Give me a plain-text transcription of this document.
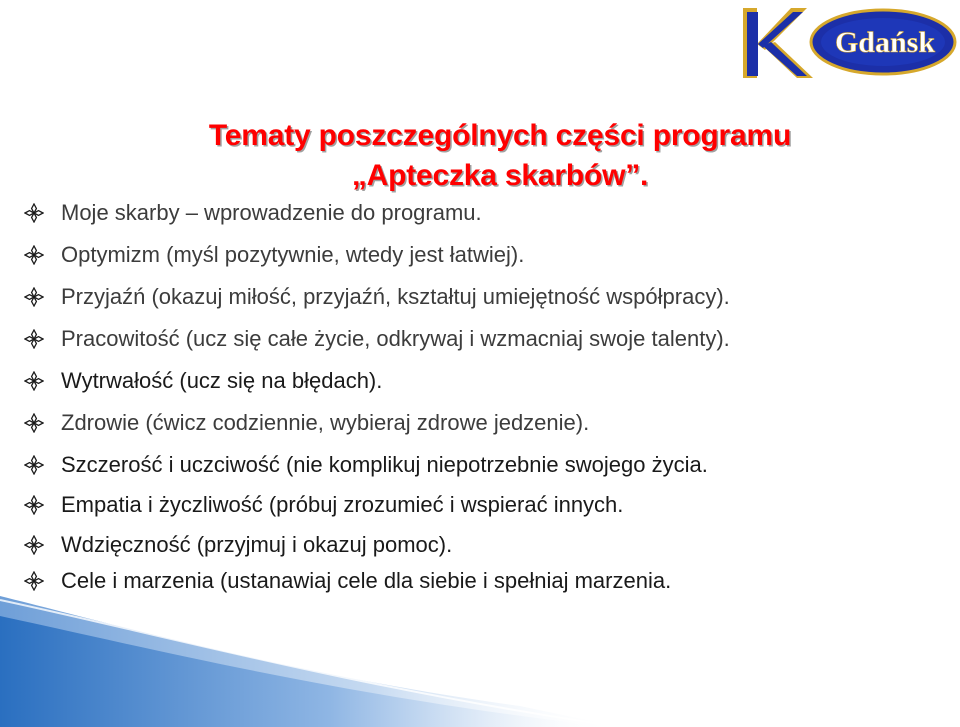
Gdańsk
Tematy poszczególnych części programu
„Apteczka skarbów”.
Moje skarby – wprowadzenie do programu.
Optymizm (myśl pozytywnie, wtedy jest łatwiej).
Przyjaźń (okazuj miłość, przyjaźń, kształtuj umiejętność współpracy).
Pracowitość (ucz się całe życie, odkrywaj i wzmacniaj swoje talenty).
Wytrwałość (ucz się na błędach).
Zdrowie (ćwicz codziennie, wybieraj zdrowe jedzenie).
Szczerość i uczciwość (nie komplikuj niepotrzebnie swojego życia.
Empatia i życzliwość (próbuj zrozumieć i wspierać innych.
Wdzięczność (przyjmuj i okazuj pomoc).
Cele i marzenia (ustanawiaj cele dla siebie i spełniaj marzenia.
